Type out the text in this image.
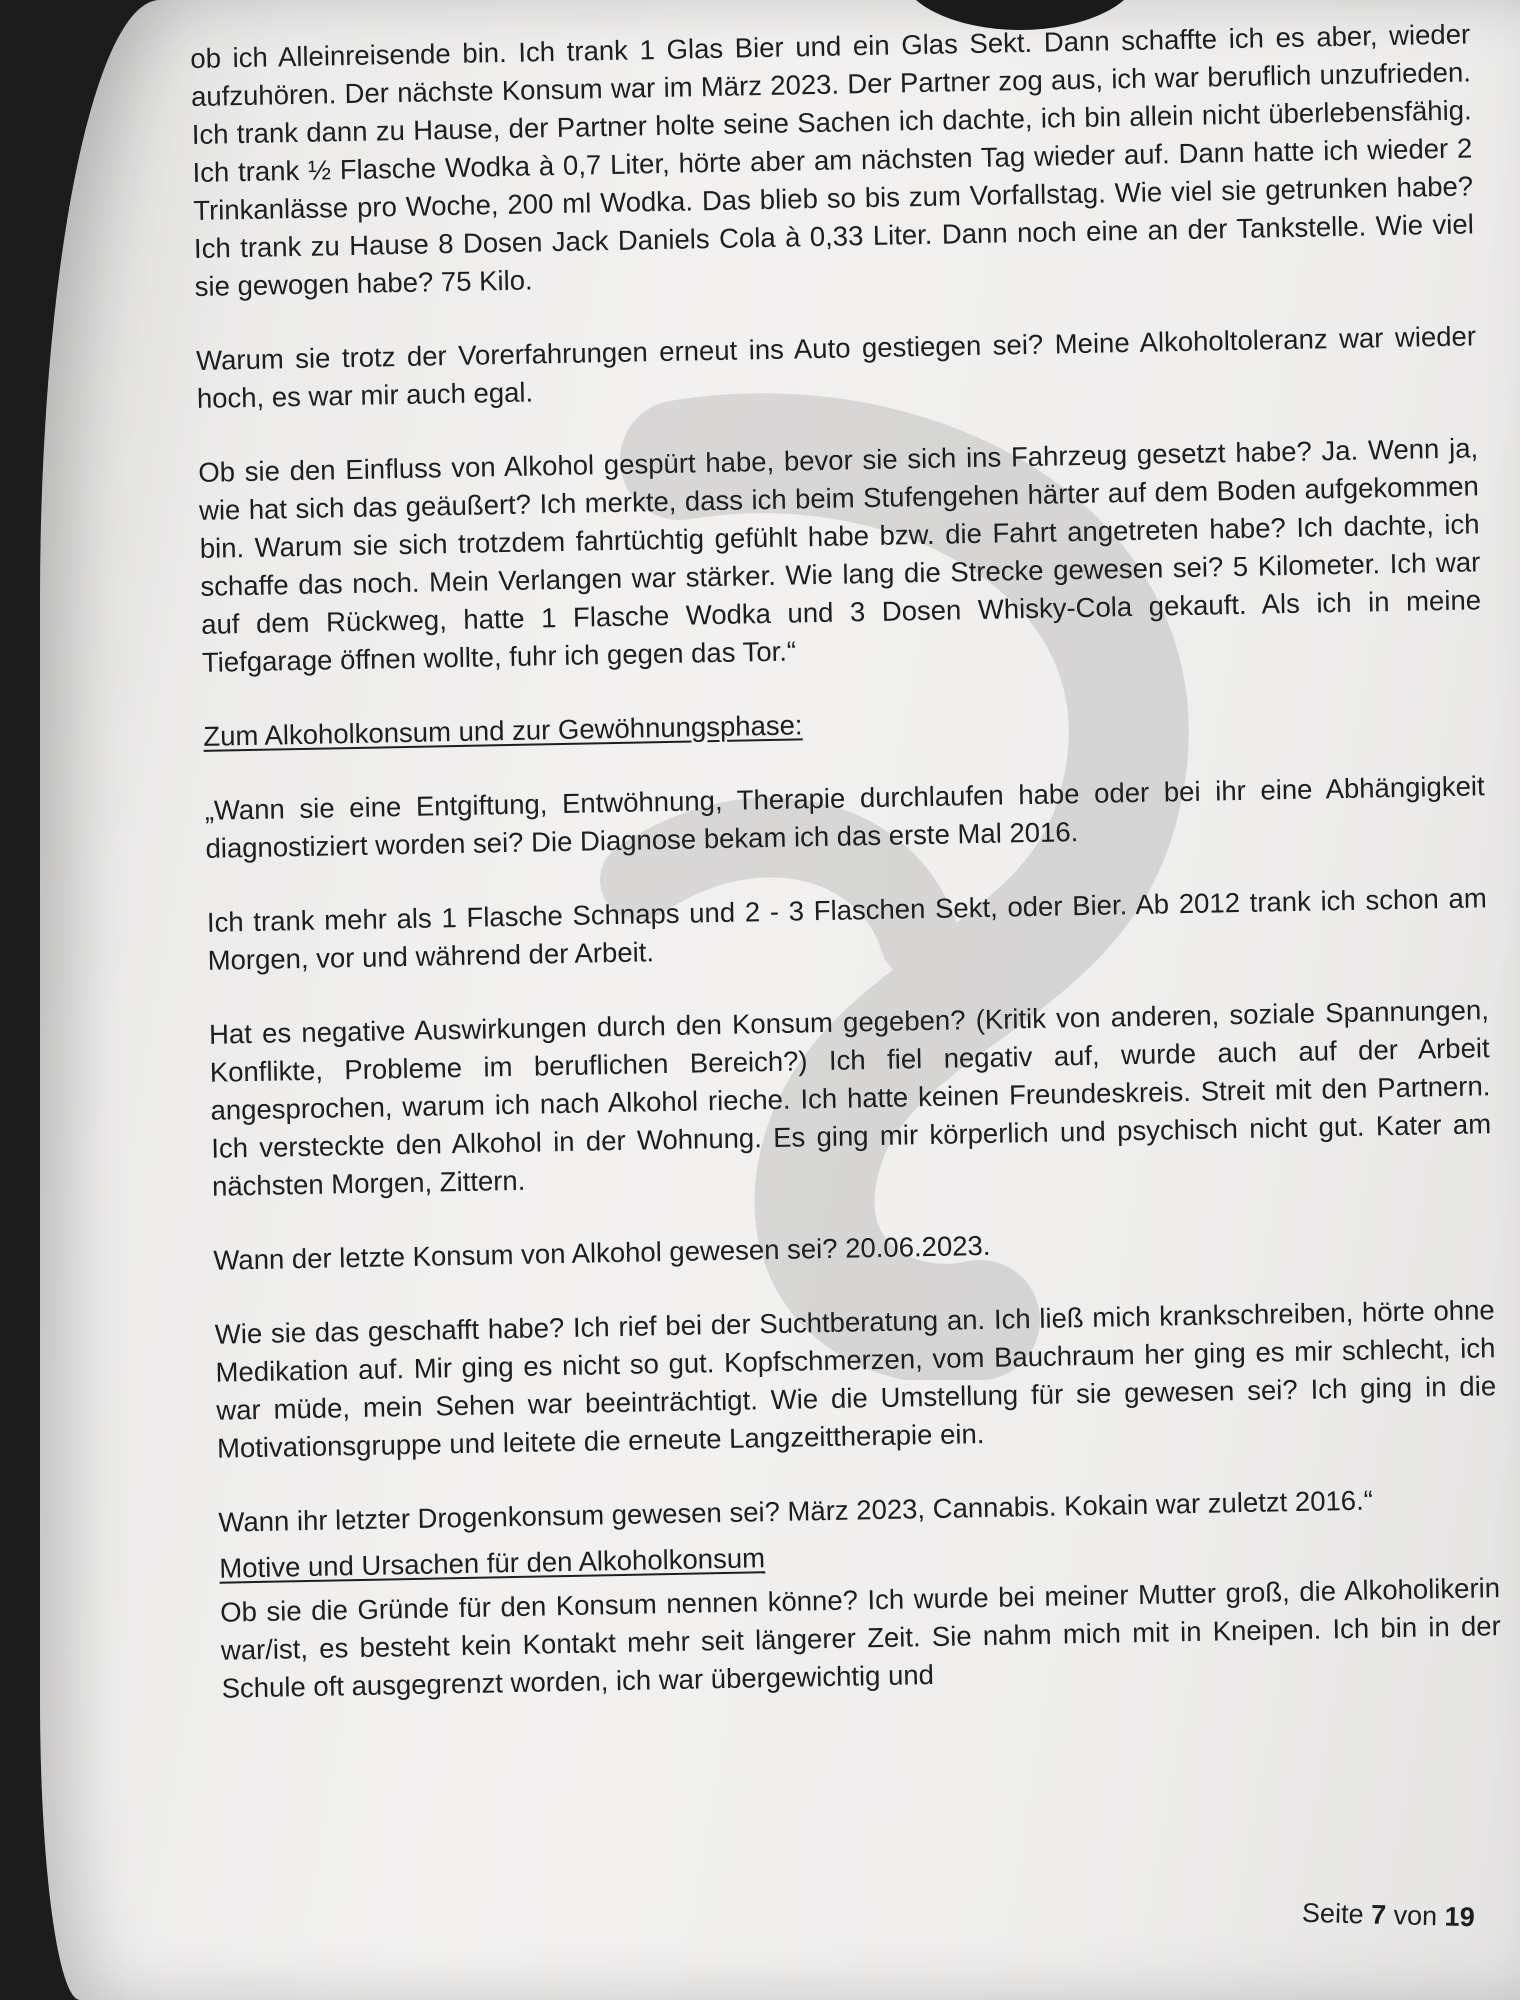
ob ich Alleinreisende bin. Ich trank 1 Glas Bier und ein Glas Sekt. Dann schaffte ich es aber, wieder aufzuhören. Der nächste Konsum war im März 2023. Der Partner zog aus, ich war beruflich unzufrieden. Ich trank dann zu Hause, der Partner holte seine Sachen ich dachte, ich bin allein nicht überlebensfähig. Ich trank ½ Flasche Wodka à 0,7 Liter, hörte aber am nächsten Tag wieder auf. Dann hatte ich wieder 2 Trinkanlässe pro Woche, 200 ml Wodka. Das blieb so bis zum Vorfallstag. Wie viel sie getrunken habe? Ich trank zu Hause 8 Dosen Jack Daniels Cola à 0,33 Liter. Dann noch eine an der Tankstelle. Wie viel sie gewogen habe? 75 Kilo.

Warum sie trotz der Vorerfahrungen erneut ins Auto gestiegen sei? Meine Alkoholtoleranz war wieder hoch, es war mir auch egal.

Ob sie den Einfluss von Alkohol gespürt habe, bevor sie sich ins Fahrzeug gesetzt habe? Ja. Wenn ja, wie hat sich das geäußert? Ich merkte, dass ich beim Stufengehen härter auf dem Boden aufgekommen bin. Warum sie sich trotzdem fahrtüchtig gefühlt habe bzw. die Fahrt angetreten habe? Ich dachte, ich schaffe das noch. Mein Verlangen war stärker. Wie lang die Strecke gewesen sei? 5 Kilometer. Ich war auf dem Rückweg, hatte 1 Flasche Wodka und 3 Dosen Whisky-Cola gekauft. Als ich in meine Tiefgarage öffnen wollte, fuhr ich gegen das Tor.“

Zum Alkoholkonsum und zur Gewöhnungsphase:

„Wann sie eine Entgiftung, Entwöhnung, Therapie durchlaufen habe oder bei ihr eine Abhängigkeit diagnostiziert worden sei? Die Diagnose bekam ich das erste Mal 2016.

Ich trank mehr als 1 Flasche Schnaps und 2 - 3 Flaschen Sekt, oder Bier. Ab 2012 trank ich schon am Morgen, vor und während der Arbeit.

Hat es negative Auswirkungen durch den Konsum gegeben? (Kritik von anderen, soziale Spannungen, Konflikte, Probleme im beruflichen Bereich?) Ich fiel negativ auf, wurde auch auf der Arbeit angesprochen, warum ich nach Alkohol rieche. Ich hatte keinen Freundeskreis. Streit mit den Partnern. Ich versteckte den Alkohol in der Wohnung. Es ging mir körperlich und psychisch nicht gut. Kater am nächsten Morgen, Zittern.

Wann der letzte Konsum von Alkohol gewesen sei? 20.06.2023.

Wie sie das geschafft habe? Ich rief bei der Suchtberatung an. Ich ließ mich krankschreiben, hörte ohne Medikation auf. Mir ging es nicht so gut. Kopfschmerzen, vom Bauchraum her ging es mir schlecht, ich war müde, mein Sehen war beeinträchtigt. Wie die Umstellung für sie gewesen sei? Ich ging in die Motivationsgruppe und leitete die erneute Langzeittherapie ein.

Wann ihr letzter Drogenkonsum gewesen sei? März 2023, Cannabis. Kokain war zuletzt 2016.“

Motive und Ursachen für den Alkoholkonsum

Ob sie die Gründe für den Konsum nennen könne? Ich wurde bei meiner Mutter groß, die Alkoholikerin war/ist, es besteht kein Kontakt mehr seit längerer Zeit. Sie nahm mich mit in Kneipen. Ich bin in der Schule oft ausgegrenzt worden, ich war übergewichtig und

Seite 7 von 19
